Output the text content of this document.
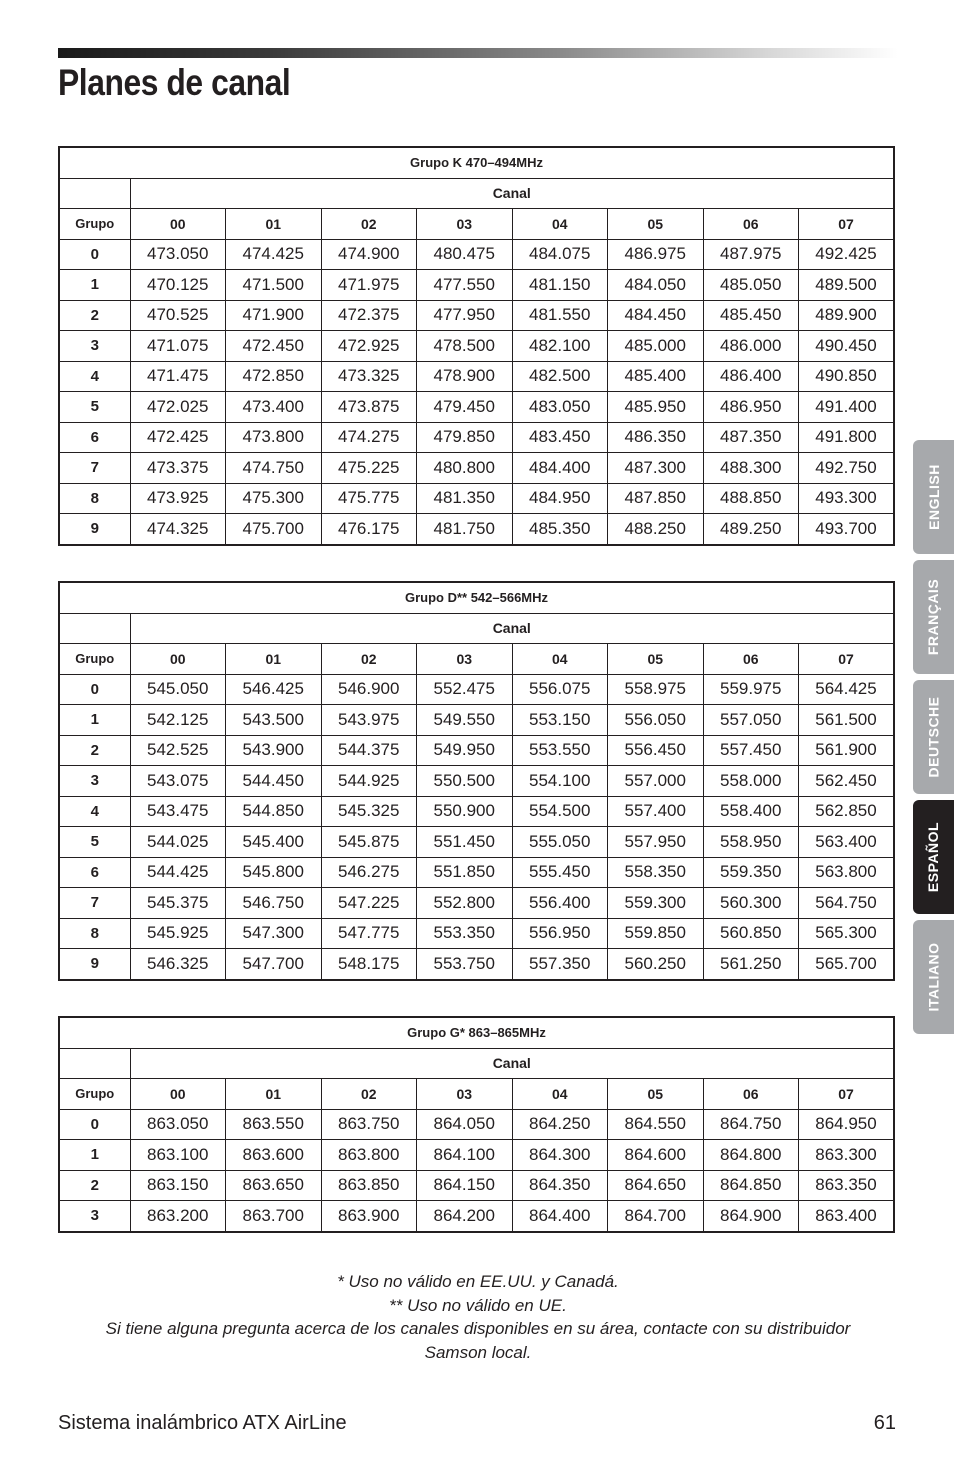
Planes de canal
Grupo K 470–494MHz								
	Canal							
Grupo	00	01	02	03	04	05	06	07
0	473.050	474.425	474.900	480.475	484.075	486.975	487.975	492.425
1	470.125	471.500	471.975	477.550	481.150	484.050	485.050	489.500
2	470.525	471.900	472.375	477.950	481.550	484.450	485.450	489.900
3	471.075	472.450	472.925	478.500	482.100	485.000	486.000	490.450
4	471.475	472.850	473.325	478.900	482.500	485.400	486.400	490.850
5	472.025	473.400	473.875	479.450	483.050	485.950	486.950	491.400
6	472.425	473.800	474.275	479.850	483.450	486.350	487.350	491.800
7	473.375	474.750	475.225	480.800	484.400	487.300	488.300	492.750
8	473.925	475.300	475.775	481.350	484.950	487.850	488.850	493.300
9	474.325	475.700	476.175	481.750	485.350	488.250	489.250	493.700
Grupo D** 542–566MHz								
	Canal							
Grupo	00	01	02	03	04	05	06	07
0	545.050	546.425	546.900	552.475	556.075	558.975	559.975	564.425
1	542.125	543.500	543.975	549.550	553.150	556.050	557.050	561.500
2	542.525	543.900	544.375	549.950	553.550	556.450	557.450	561.900
3	543.075	544.450	544.925	550.500	554.100	557.000	558.000	562.450
4	543.475	544.850	545.325	550.900	554.500	557.400	558.400	562.850
5	544.025	545.400	545.875	551.450	555.050	557.950	558.950	563.400
6	544.425	545.800	546.275	551.850	555.450	558.350	559.350	563.800
7	545.375	546.750	547.225	552.800	556.400	559.300	560.300	564.750
8	545.925	547.300	547.775	553.350	556.950	559.850	560.850	565.300
9	546.325	547.700	548.175	553.750	557.350	560.250	561.250	565.700
Grupo G* 863–865MHz								
	Canal							
Grupo	00	01	02	03	04	05	06	07
0	863.050	863.550	863.750	864.050	864.250	864.550	864.750	864.950
1	863.100	863.600	863.800	864.100	864.300	864.600	864.800	863.300
2	863.150	863.650	863.850	864.150	864.350	864.650	864.850	863.350
3	863.200	863.700	863.900	864.200	864.400	864.700	864.900	863.400
* Uso no válido en EE.UU. y Canadá.
** Uso no válido en UE.
Si tiene alguna pregunta acerca de los canales disponibles en su área, contacte con su distribuidor
Samson local.
Sistema inalámbrico ATX AirLine	61
ENGLISH
FRANÇAIS
DEUTSCHE
ESPAÑOL
ITALIANO
